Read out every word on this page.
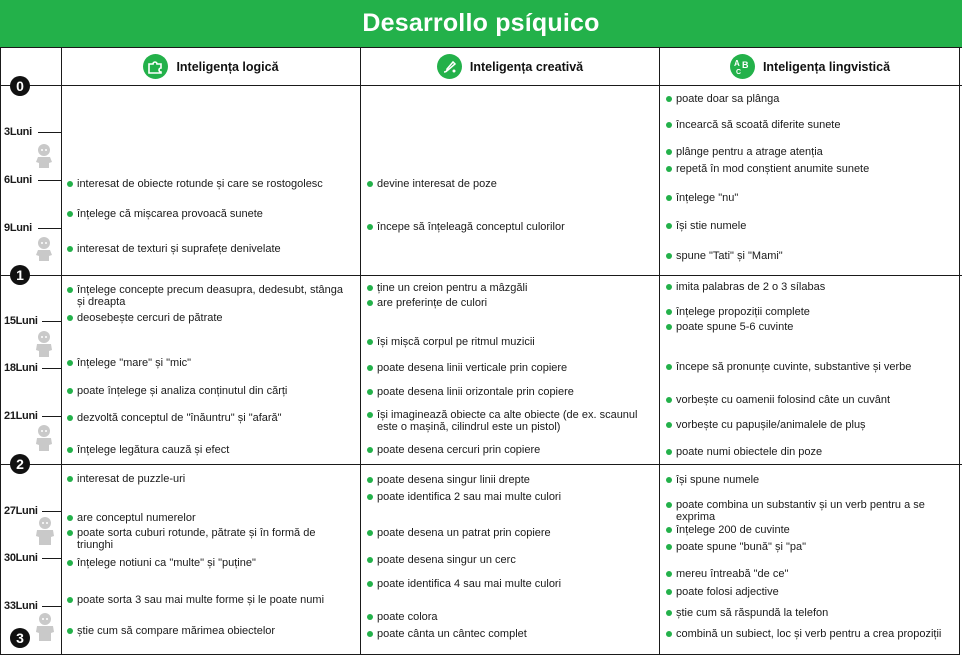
Desarrollo psíquico
Inteligența logică	Inteligența creativă	A B
C Inteligența lingvistică
0
1
2
3
3Luni
6Luni
9Luni
15Luni
18Luni
21Luni
27Luni
30Luni
33Luni
interesat de obiecte rotunde și care se rostogolesc
înțelege că mișcarea provoacă sunete
interesat de texturi și suprafețe denivelate
înțelege concepte precum deasupra, dedesubt, stânga și dreapta
deosebește cercuri de pătrate
înțelege "mare" și "mic"
poate înțelege și analiza conținutul din cărți
dezvoltă conceptul de "înăuntru" și "afară"
înțelege legătura cauză și efect
interesat de puzzle-uri
are conceptul numerelor
poate sorta cuburi rotunde, pătrate și în formă de triunghi
înțelege notiuni ca "multe" și "puține"
poate sorta 3 sau mai multe forme și le poate numi
știe cum să compare mărimea obiectelor
devine interesat de poze
începe să înțeleagă conceptul culorilor
ține un creion pentru a mâzgăli
are preferințe de culori
își mișcă corpul pe ritmul muzicii
poate desena linii verticale prin copiere
poate desena linii orizontale prin copiere
își imaginează obiecte ca alte obiecte (de ex. scaunul este o mașină, cilindrul este un pistol)
poate desena cercuri prin copiere
poate desena singur linii drepte
poate identifica 2 sau mai multe culori
poate desena un patrat prin copiere
poate desena singur un cerc
poate identifica 4 sau mai multe culori
poate colora
poate cânta un cântec complet
poate doar sa plânga
încearcă să scoată diferite sunete
plânge pentru a atrage atenția
repetă în mod conștient anumite sunete
înțelege "nu"
își stie numele
spune "Tati" și "Mami"
imita palabras de 2 o 3 sílabas
înțelege propoziții complete
poate spune 5-6 cuvinte
începe să pronunțe cuvinte, substantive și verbe
vorbește cu oamenii folosind câte un cuvânt
vorbește cu papușile/animalele de pluș
poate numi obiectele din poze
își spune numele
poate combina un substantiv și un verb pentru a se exprima
înțelege 200 de cuvinte
poate spune "bună" și "pa"
mereu întreabă "de ce"
poate folosi adjective
știe cum să răspundă la telefon
combină un subiect, loc și verb pentru a crea propoziții
